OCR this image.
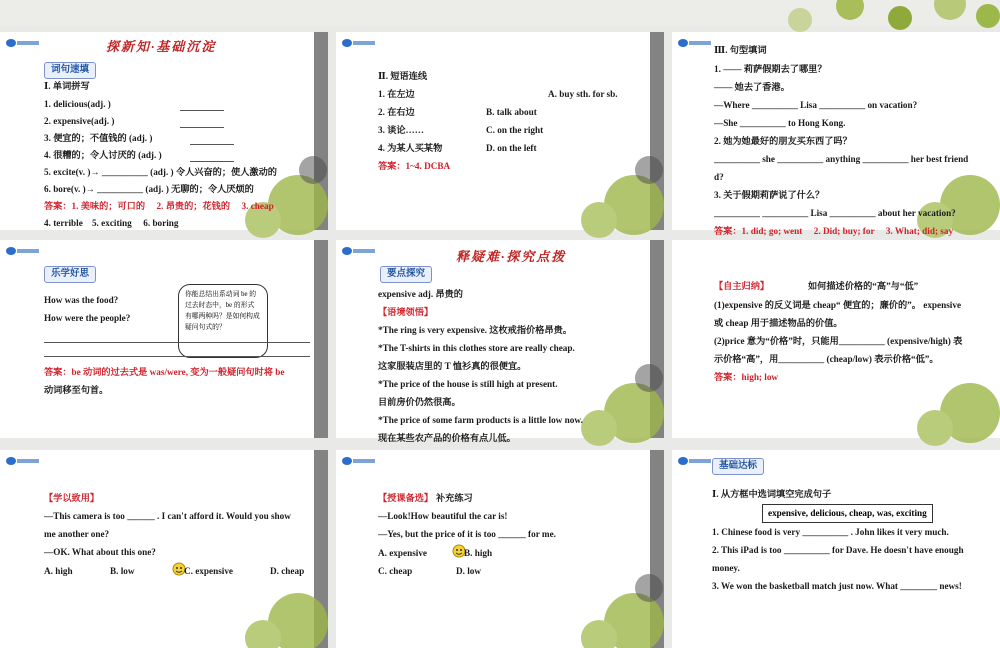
探新知·基础沉淀
词句速填
Ⅰ. 单词拼写
1. delicious(adj. )
2. expensive(adj. )
3. 便宜的；不值钱的 (adj. )
4. 很糟的；令人讨厌的 (adj. )
5. excite(v. )→ __________ (adj. ) 令人兴奋的；使人激动的
6. bore(v. )→ __________ (adj. ) 无聊的；令人厌烦的
答案：1. 美味的；可口的　 2. 昂贵的；花钱的　 3. cheap
4. terrible　5. exciting　 6. boring
Ⅱ. 短语连线
1. 在左边	A. buy sth. for sb.
2. 在右边	B. talk about
3. 谈论……	C. on the right
4. 为某人买某物	D. on the left
答案：1~4. DCBA
Ⅲ. 句型填词
1. —— 莉萨假期去了哪里？
—— 她去了香港。
—Where __________ Lisa __________ on vacation?
—She __________ to Hong Kong.
2. 她为她最好的朋友买东西了吗？
__________ she __________ anything __________ her best friend
d?
3. 关于假期莉萨说了什么？
__________ __________ Lisa __________ about her vacation?
答案：1. did; go; went　 2. Did; buy; for　 3. What; did; say
乐学好思
How was the food?
How were the people?
你能总结出系动词 be 的过去时态中，be 的形式有哪两种吗？是如何构成疑问句式的？
答案：be 动词的过去式是 was/were, 变为一般疑问句时将 be
动词移至句首。
释疑难·探究点拨
要点探究
expensive adj. 昂贵的
【语境领悟】
*The ring is very expensive. 这枚戒指价格昂贵。
*The T-shirts in this clothes store are really cheap.
这家服装店里的 T 恤衫真的很便宜。
*The price of the house is still high at present.
目前房价仍然很高。
*The price of some farm products is a little low now.
现在某些农产品的价格有点儿低。
【自主归纳】	如何描述价格的“高”与“低”
(1)expensive 的反义词是 cheap“ 便宜的；廉价的”。 expensive
或 cheap 用于描述物品的价值。
(2)price 意为“价格”时，只能用__________ (expensive/high) 表
示价格“高”，用__________ (cheap/low) 表示价格“低”。
答案：high; low
【学以致用】
—This camera is too ______ . I can't afford it. Would you show
me another one?
—OK. What about this one?
A. high	B. low	C. expensive	D. cheap
【授课备选】 补充练习
—Look!How beautiful the car is!
—Yes, but the price of it is too ______ for me.
A. expensive	B. high
C. cheap	D. low
基础达标
Ⅰ. 从方框中选词填空完成句子
expensive, delicious, cheap, was, exciting
1. Chinese food is very __________ . John likes it very much.
2. This iPad is too __________ for Dave. He doesn't have enough
money.
3. We won the basketball match just now. What ________ news!
